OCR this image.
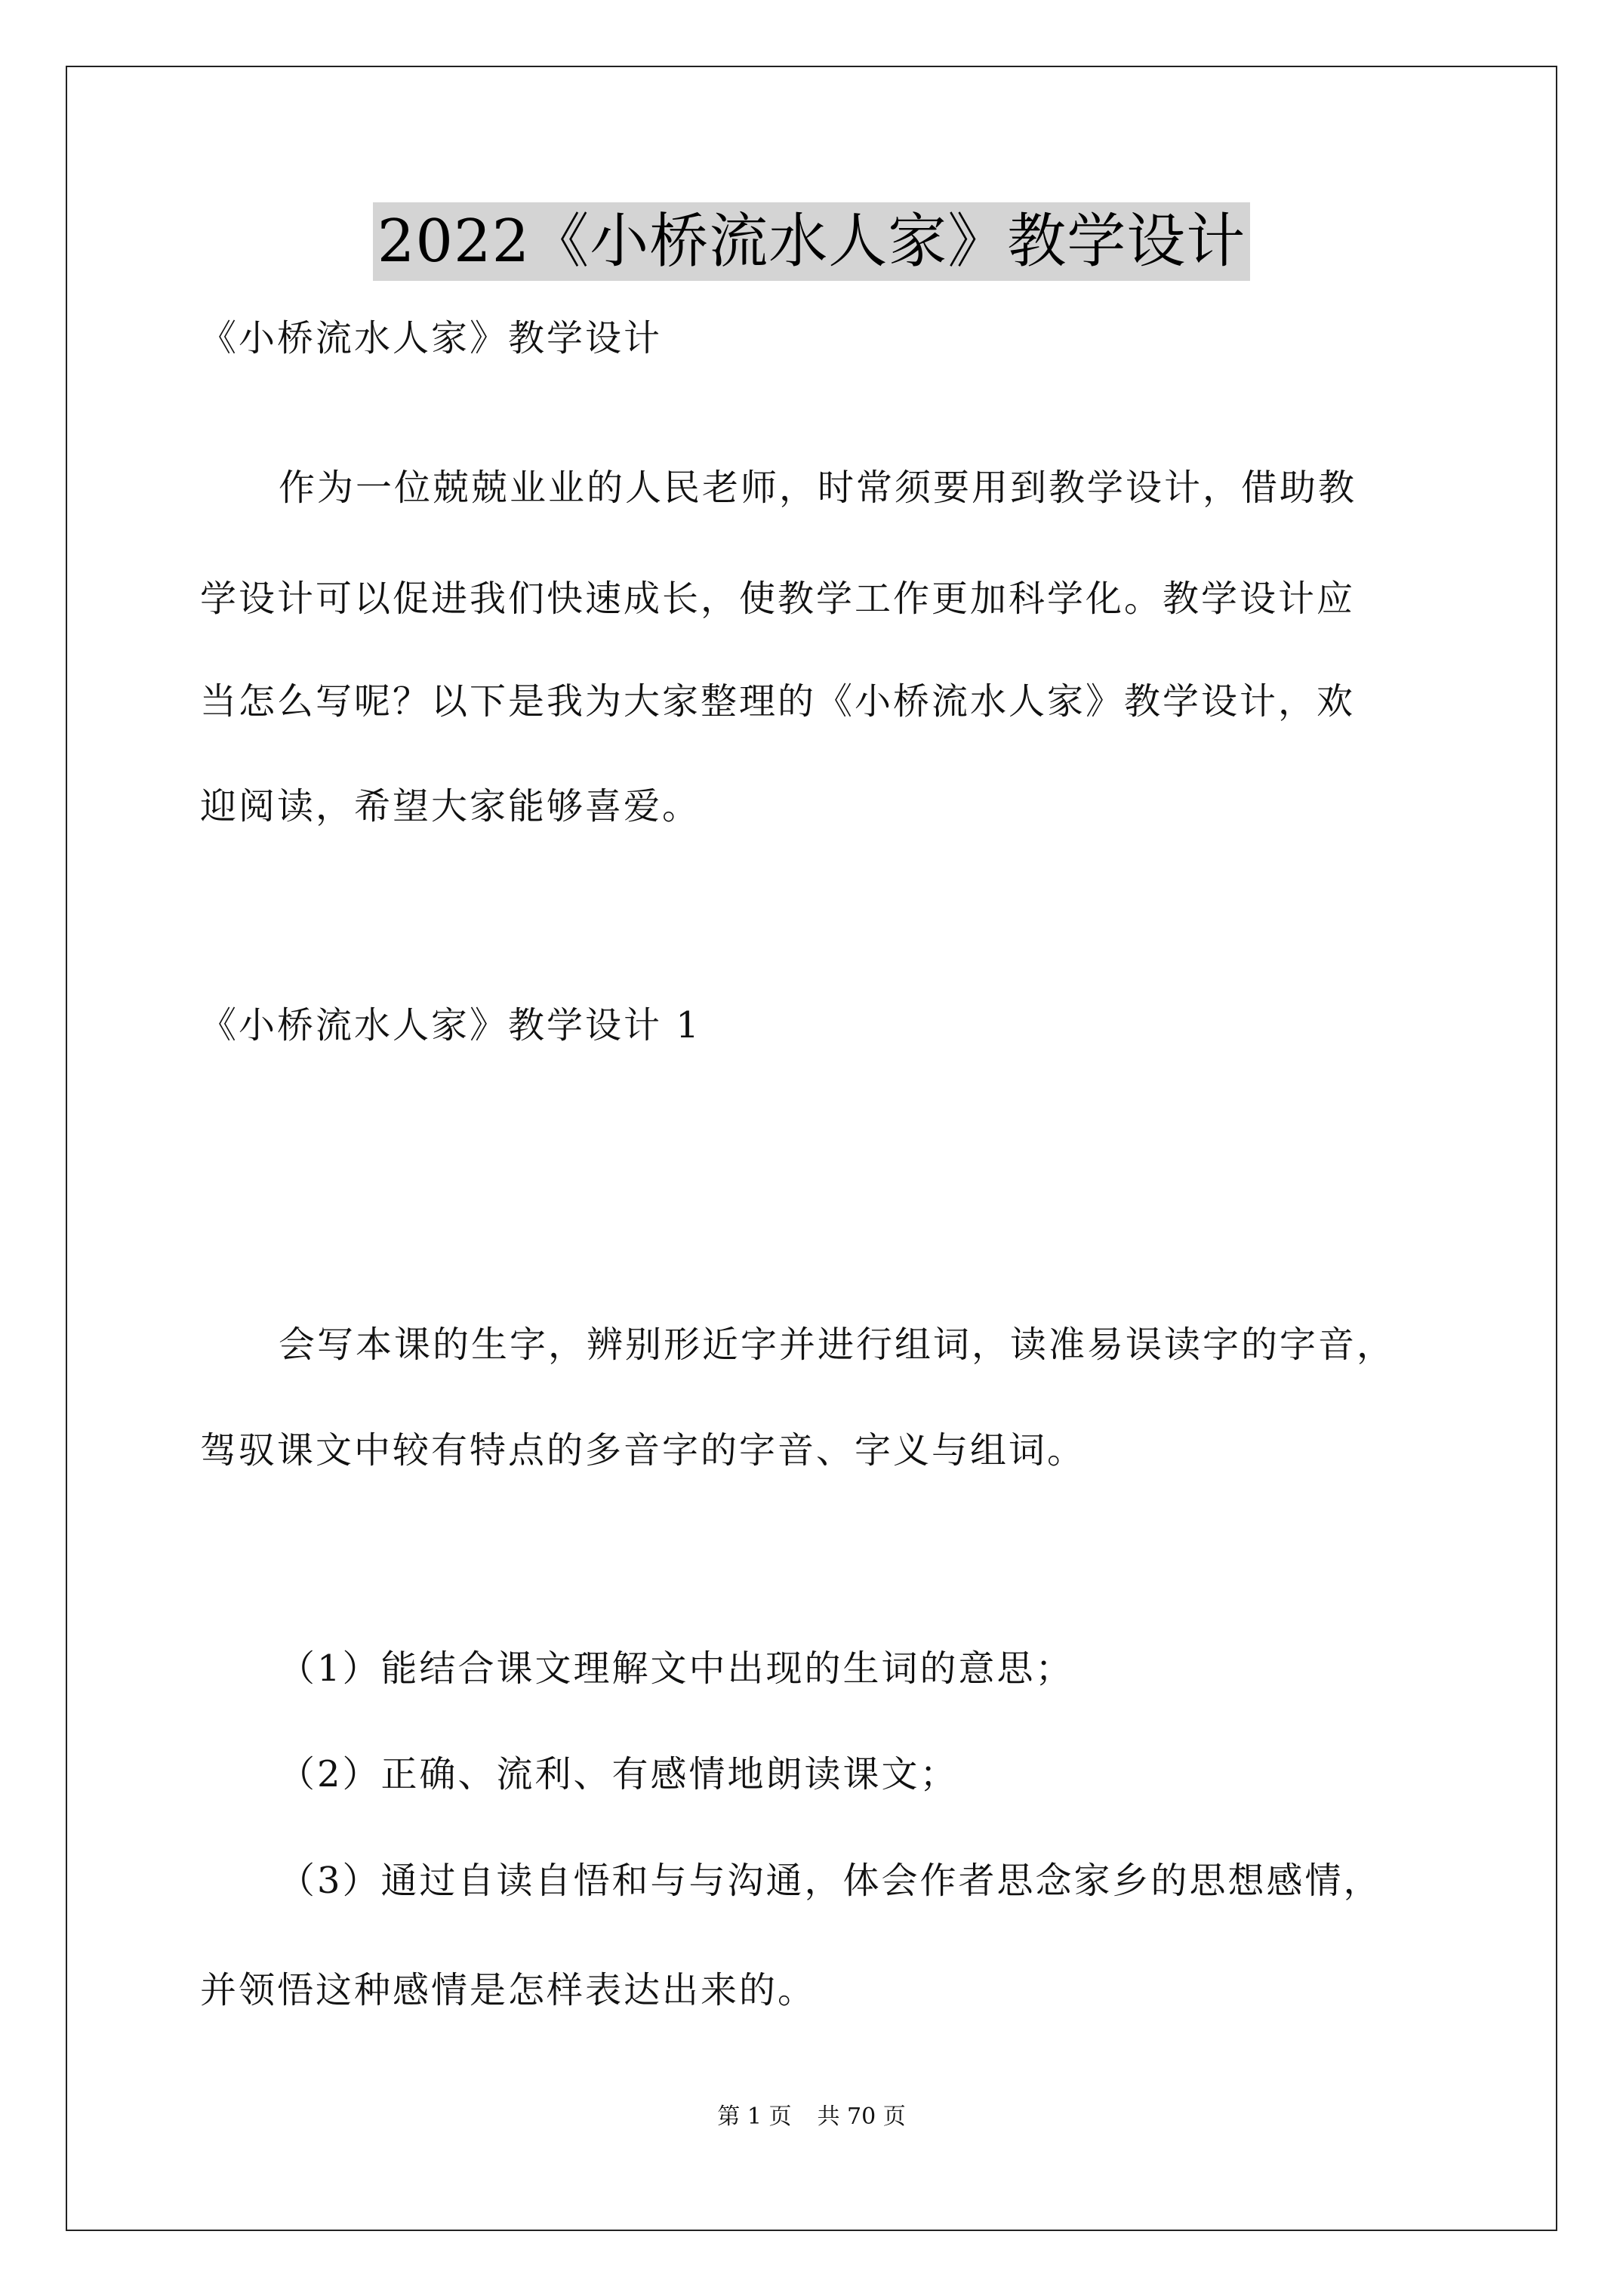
2022《小桥流水人家》教学设计

《小桥流水人家》教学设计

作为一位兢兢业业的人民老师，时常须要用到教学设计，借助教

学设计可以促进我们快速成长，使教学工作更加科学化。教学设计应

当怎么写呢？以下是我为大家整理的《小桥流水人家》教学设计，欢

迎阅读，希望大家能够喜爱。

《小桥流水人家》教学设计 1

会写本课的生字，辨别形近字并进行组词，读准易误读字的字音，

驾驭课文中较有特点的多音字的字音、字义与组词。

（1）能结合课文理解文中出现的生词的意思；

（2）正确、流利、有感情地朗读课文；

（3）通过自读自悟和与与沟通，体会作者思念家乡的思想感情，

并领悟这种感情是怎样表达出来的。

第 1 页 共 70 页
